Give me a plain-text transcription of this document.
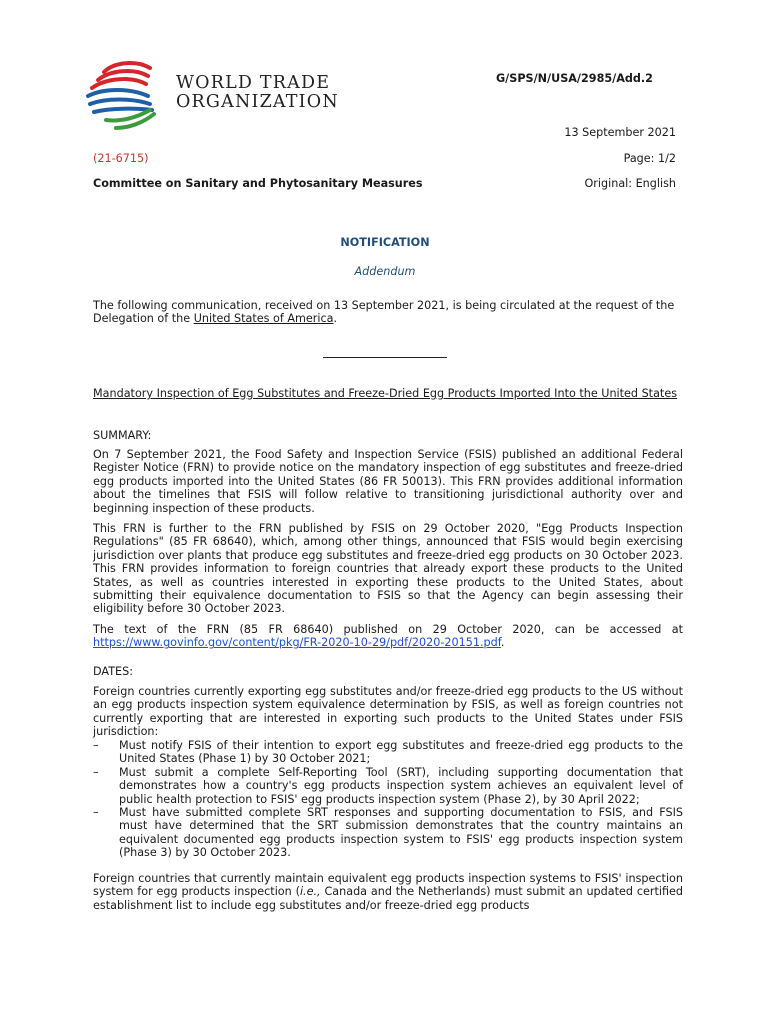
WORLD TRADE
ORGANIZATION
G/SPS/N/USA/2985/Add.2
13 September 2021
(21-6715)	Page: 1/2
Committee on Sanitary and Phytosanitary Measures	Original: English
NOTIFICATION
Addendum
The following communication, received on 13 September 2021, is being circulated at the request of the Delegation of the United States of America.
Mandatory Inspection of Egg Substitutes and Freeze-Dried Egg Products Imported Into the United States
SUMMARY:
On 7 September 2021, the Food Safety and Inspection Service (FSIS) published an additional Federal Register Notice (FRN) to provide notice on the mandatory inspection of egg substitutes and freeze-dried egg products imported into the United States (86 FR 50013). This FRN provides additional information about the timelines that FSIS will follow relative to transitioning jurisdictional authority over and beginning inspection of these products.
This FRN is further to the FRN published by FSIS on 29 October 2020, "Egg Products Inspection Regulations" (85 FR 68640), which, among other things, announced that FSIS would begin exercising jurisdiction over plants that produce egg substitutes and freeze-dried egg products on 30 October 2023. This FRN provides information to foreign countries that already export these products to the United States, as well as countries interested in exporting these products to the United States, about submitting their equivalence documentation to FSIS so that the Agency can begin assessing their eligibility before 30 October 2023.
The text of the FRN (85 FR 68640) published on 29 October 2020, can be accessed at https://www.govinfo.gov/content/pkg/FR-2020-10-29/pdf/2020-20151.pdf.
DATES:
Foreign countries currently exporting egg substitutes and/or freeze-dried egg products to the US without an egg products inspection system equivalence determination by FSIS, as well as foreign countries not currently exporting that are interested in exporting such products to the United States under FSIS jurisdiction:
– Must notify FSIS of their intention to export egg substitutes and freeze-dried egg products to the United States (Phase 1) by 30 October 2021;
– Must submit a complete Self-Reporting Tool (SRT), including supporting documentation that demonstrates how a country's egg products inspection system achieves an equivalent level of public health protection to FSIS' egg products inspection system (Phase 2), by 30 April 2022;
– Must have submitted complete SRT responses and supporting documentation to FSIS, and FSIS must have determined that the SRT submission demonstrates that the country maintains an equivalent documented egg products inspection system to FSIS' egg products inspection system (Phase 3) by 30 October 2023.
Foreign countries that currently maintain equivalent egg products inspection systems to FSIS' inspection system for egg products inspection (i.e., Canada and the Netherlands) must submit an updated certified establishment list to include egg substitutes and/or freeze-dried egg products
